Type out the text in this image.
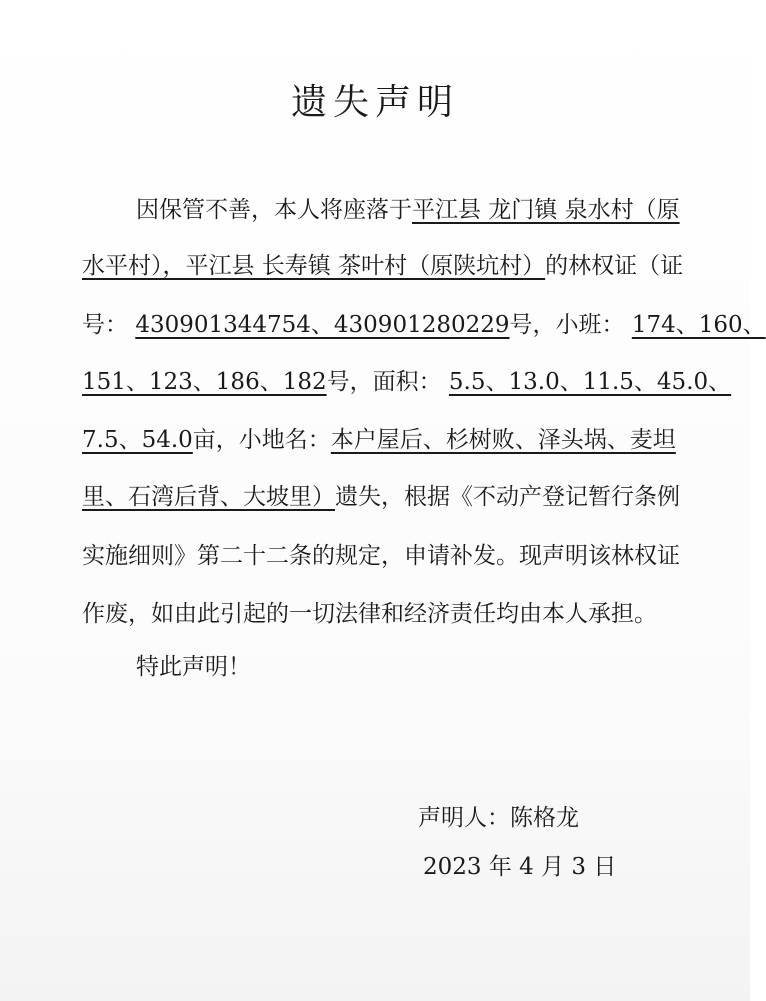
遗失声明
因保管不善，本人将座落于平江县 龙门镇 泉水村（原
水平村），平江县 长寿镇 茶叶村（原陕坑村）的林权证（证
号： 430901344754、430901280229号，小班： 174、160、
151、123、186、182号，面积： 5.5、13.0、11.5、45.0、
7.5、54.0亩，小地名：本户屋后、杉树败、泽头埚、麦坦
里、石湾后背、大坡里）遗失，根据《不动产登记暂行条例
实施细则》第二十二条的规定，申请补发。现声明该林权证
作废，如由此引起的一切法律和经济责任均由本人承担。
特此声明！
声明人：陈格龙
2023 年 4 月 3 日
